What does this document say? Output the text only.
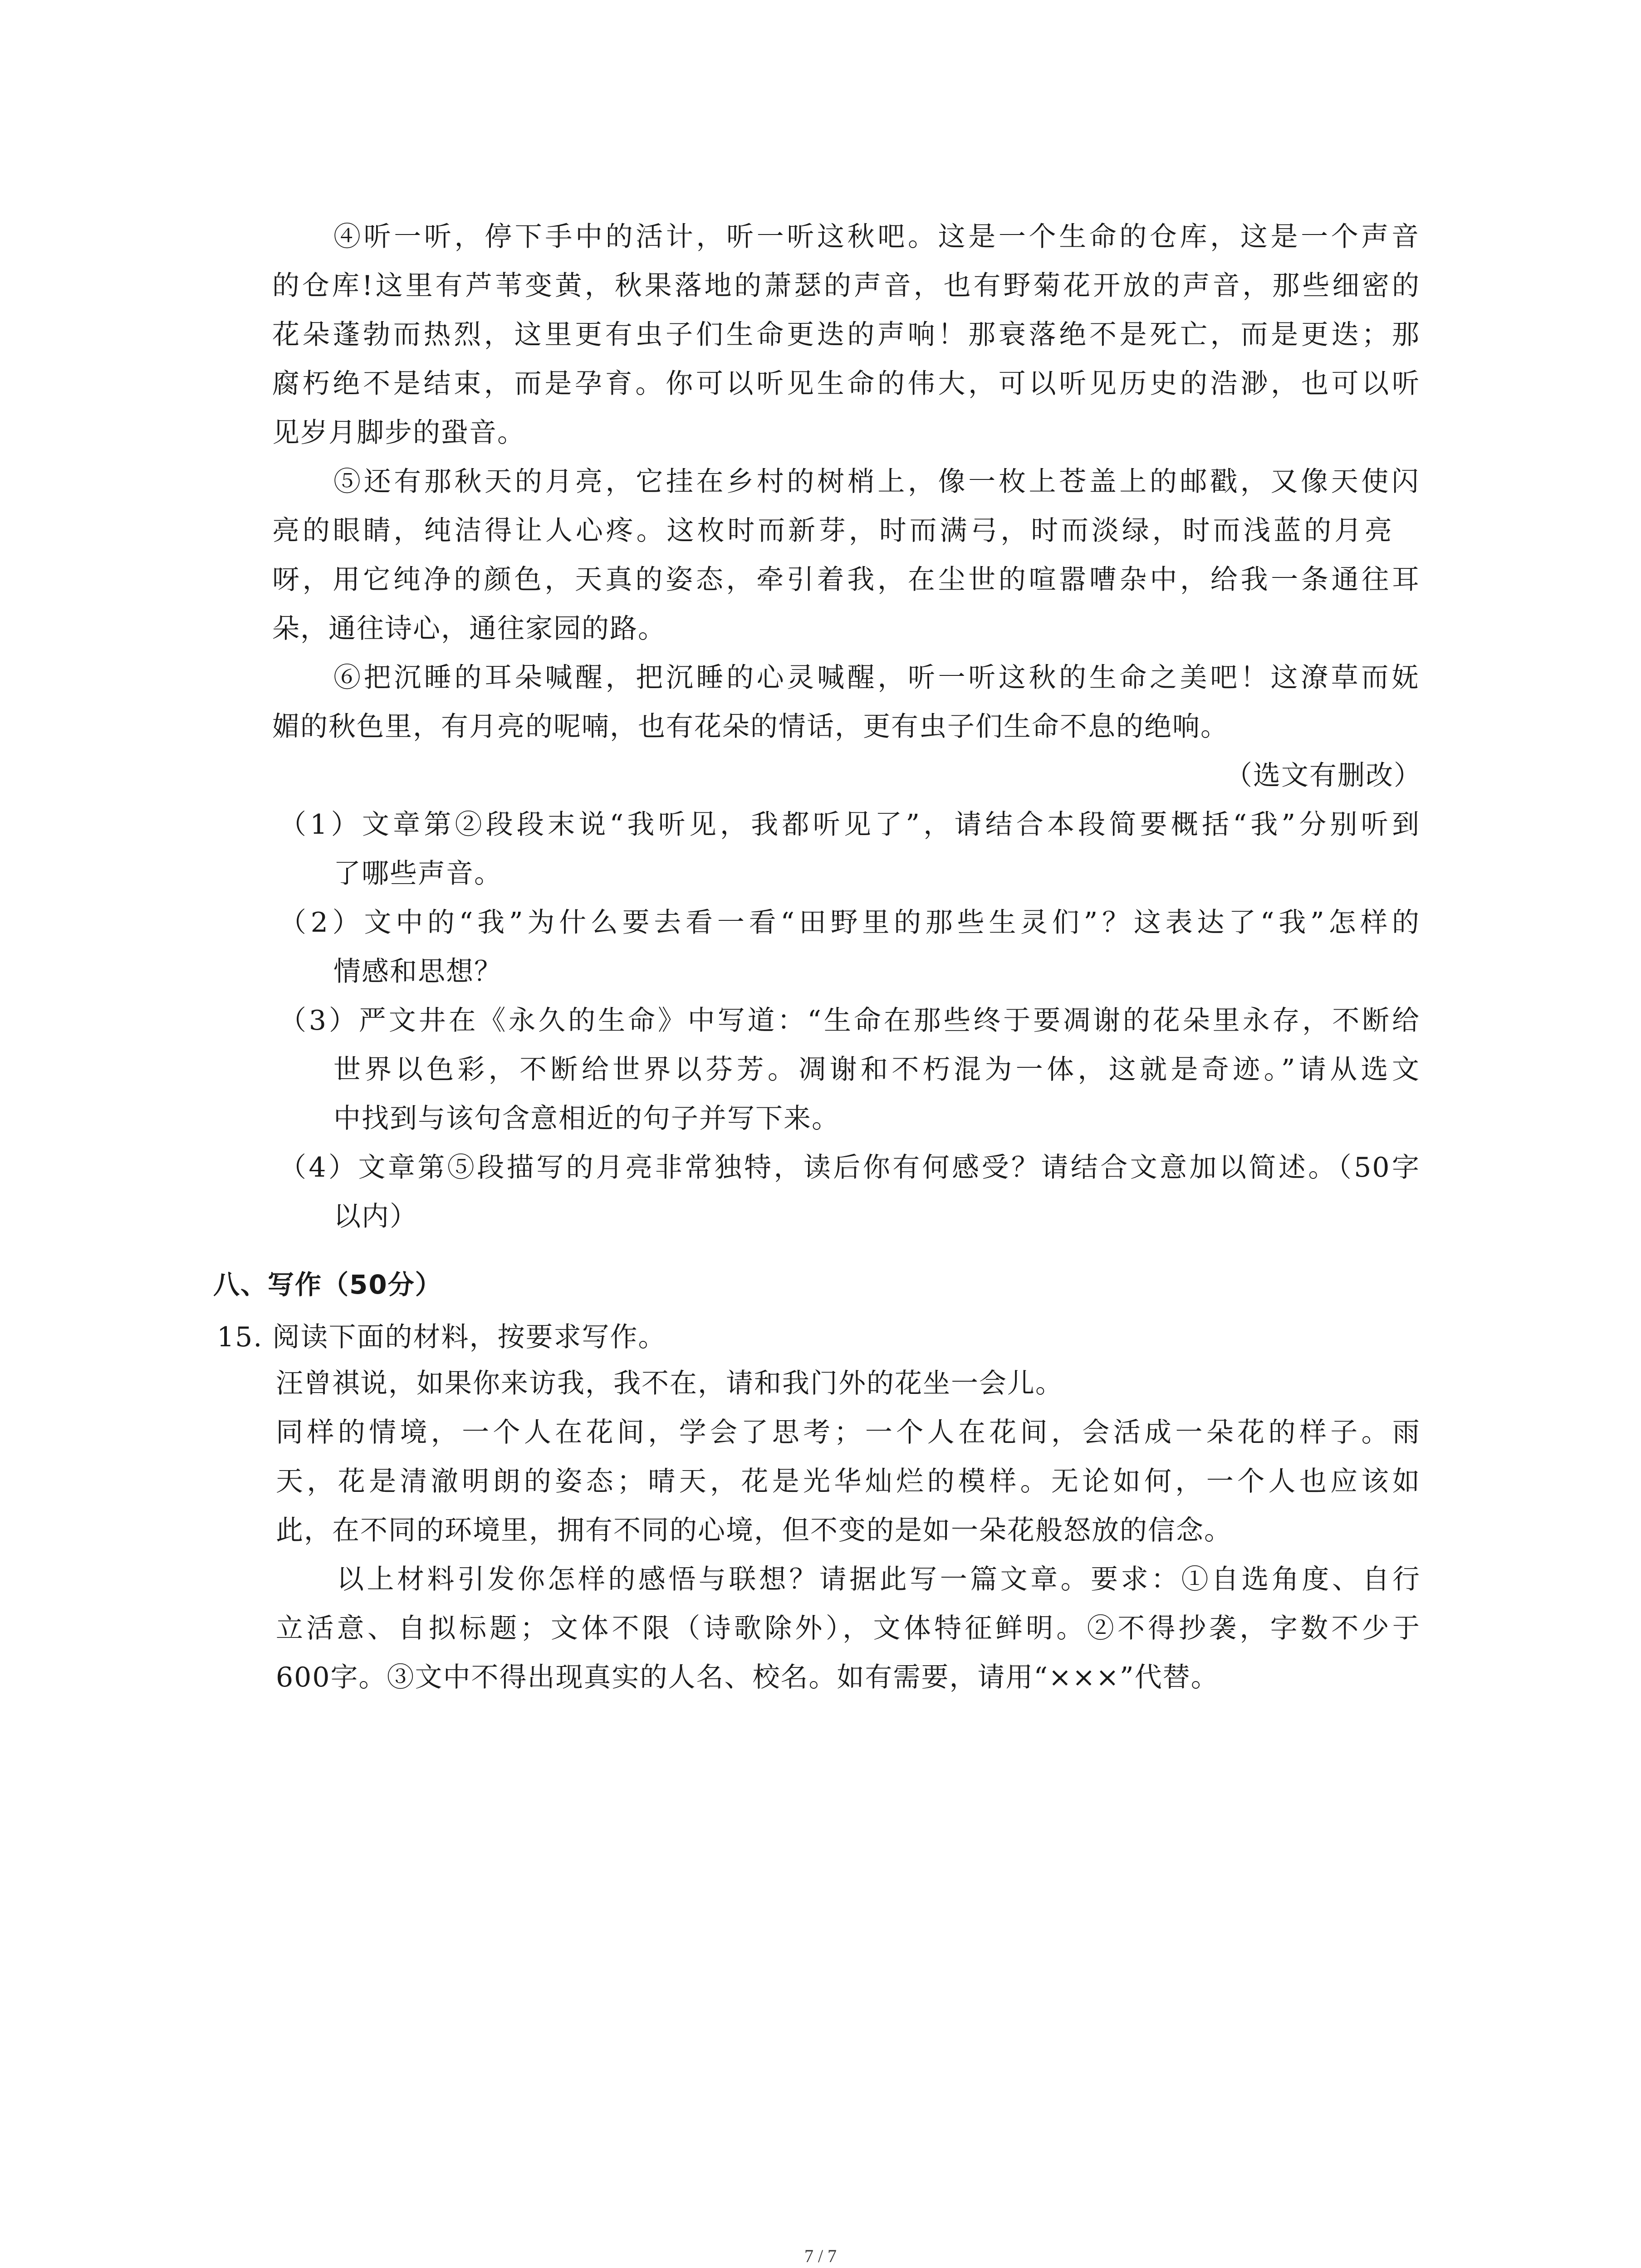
④听一听，停下手中的活计，听一听这秋吧。这是一个生命的仓库，这是一个声音
的仓库!这里有芦苇变黄，秋果落地的萧瑟的声音，也有野菊花开放的声音，那些细密的
花朵蓬勃而热烈，这里更有虫子们生命更迭的声响！那衰落绝不是死亡，而是更迭；那
腐朽绝不是结束，而是孕育。你可以听见生命的伟大，可以听见历史的浩渺，也可以听
见岁月脚步的蛩音。
⑤还有那秋天的月亮，它挂在乡村的树梢上，像一枚上苍盖上的邮戳，又像天使闪
亮的眼睛，纯洁得让人心疼。这枚时而新芽，时而满弓，时而淡绿，时而浅蓝的月亮
呀，用它纯净的颜色，天真的姿态，牵引着我，在尘世的喧嚣嘈杂中，给我一条通往耳
朵，通往诗心，通往家园的路。
⑥把沉睡的耳朵喊醒，把沉睡的心灵喊醒，听一听这秋的生命之美吧！这潦草而妩
媚的秋色里，有月亮的呢喃，也有花朵的情话，更有虫子们生命不息的绝响。
（选文有删改）
（1）文章第②段段末说“我听见，我都听见了”，请结合本段简要概括“我”分别听到
了哪些声音。
（2）文中的“我”为什么要去看一看“田野里的那些生灵们”？这表达了“我”怎样的
情感和思想？
（3）严文井在《永久的生命》中写道：“生命在那些终于要凋谢的花朵里永存，不断给
世界以色彩，不断给世界以芬芳。凋谢和不朽混为一体，这就是奇迹。”请从选文
中找到与该句含意相近的句子并写下来。
（4）文章第⑤段描写的月亮非常独特，读后你有何感受？请结合文意加以简述。（50字
以内）
八、写作（50分）
15. 阅读下面的材料，按要求写作。
汪曾祺说，如果你来访我，我不在，请和我门外的花坐一会儿。
同样的情境，一个人在花间，学会了思考；一个人在花间，会活成一朵花的样子。雨
天，花是清澈明朗的姿态；晴天，花是光华灿烂的模样。无论如何，一个人也应该如
此，在不同的环境里，拥有不同的心境，但不变的是如一朵花般怒放的信念。
以上材料引发你怎样的感悟与联想？请据此写一篇文章。要求：①自选角度、自行
立活意、自拟标题；文体不限（诗歌除外），文体特征鲜明。②不得抄袭，字数不少于
600字。③文中不得出现真实的人名、校名。如有需要，请用“×××”代替。
7 / 7
